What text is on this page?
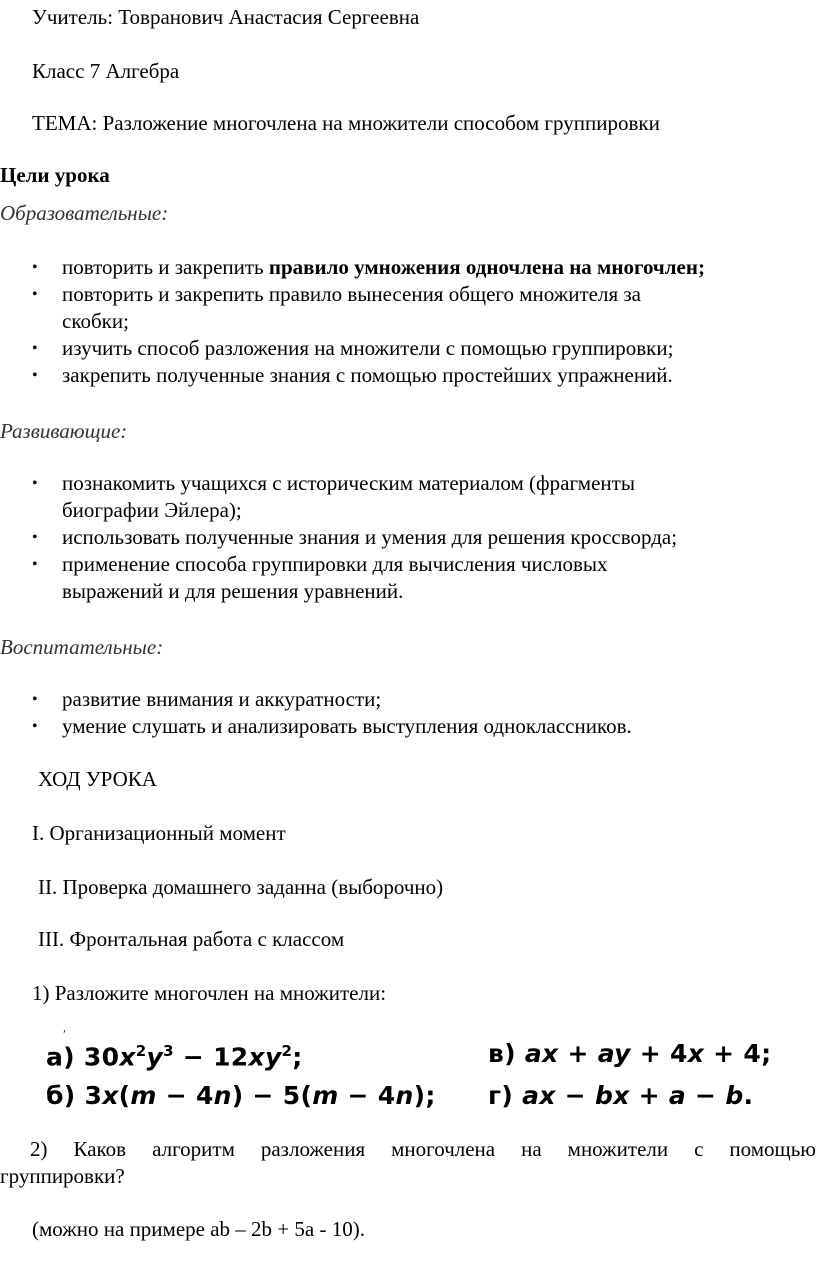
Учитель: Товранович Анастасия Сергеевна
Класс 7 Алгебра
ТЕМА: Разложение многочлена на множители способом группировки
Цели урока
Образовательные:
• повторить и закрепить правило умножения одночлена на многочлен;
• повторить и закрепить правило вынесения общего множителя за
скобки;
• изучить способ разложения на множители с помощью группировки;
• закрепить полученные знания с помощью простейших упражнений.
Развивающие:
• познакомить учащихся с историческим материалом (фрагменты
биографии Эйлера);
• использовать полученные знания и умения для решения кроссворда;
• применение способа группировки для вычисления числовых
выражений и для решения уравнений.
Воспитательные:
• развитие внимания и аккуратности;
• умение слушать и анализировать выступления одноклассников.
ХОД УРОКА
I. Организационный момент
II. Проверка домашнего заданна (выборочно)
III. Фронтальная работа с классом
1) Разложите многочлен на множители:
′
а) $30x^2y^3 - 12xy^2$;
б) 3x(m − 4n) − 5(m − 4n);
в) ax + ay + 4x + 4;
г) ax − bx + a − b.
2) Каков алгоритм разложения многочлена на множители с помощью
группировки?
(можно на примере ab – 2b + 5a - 10).
